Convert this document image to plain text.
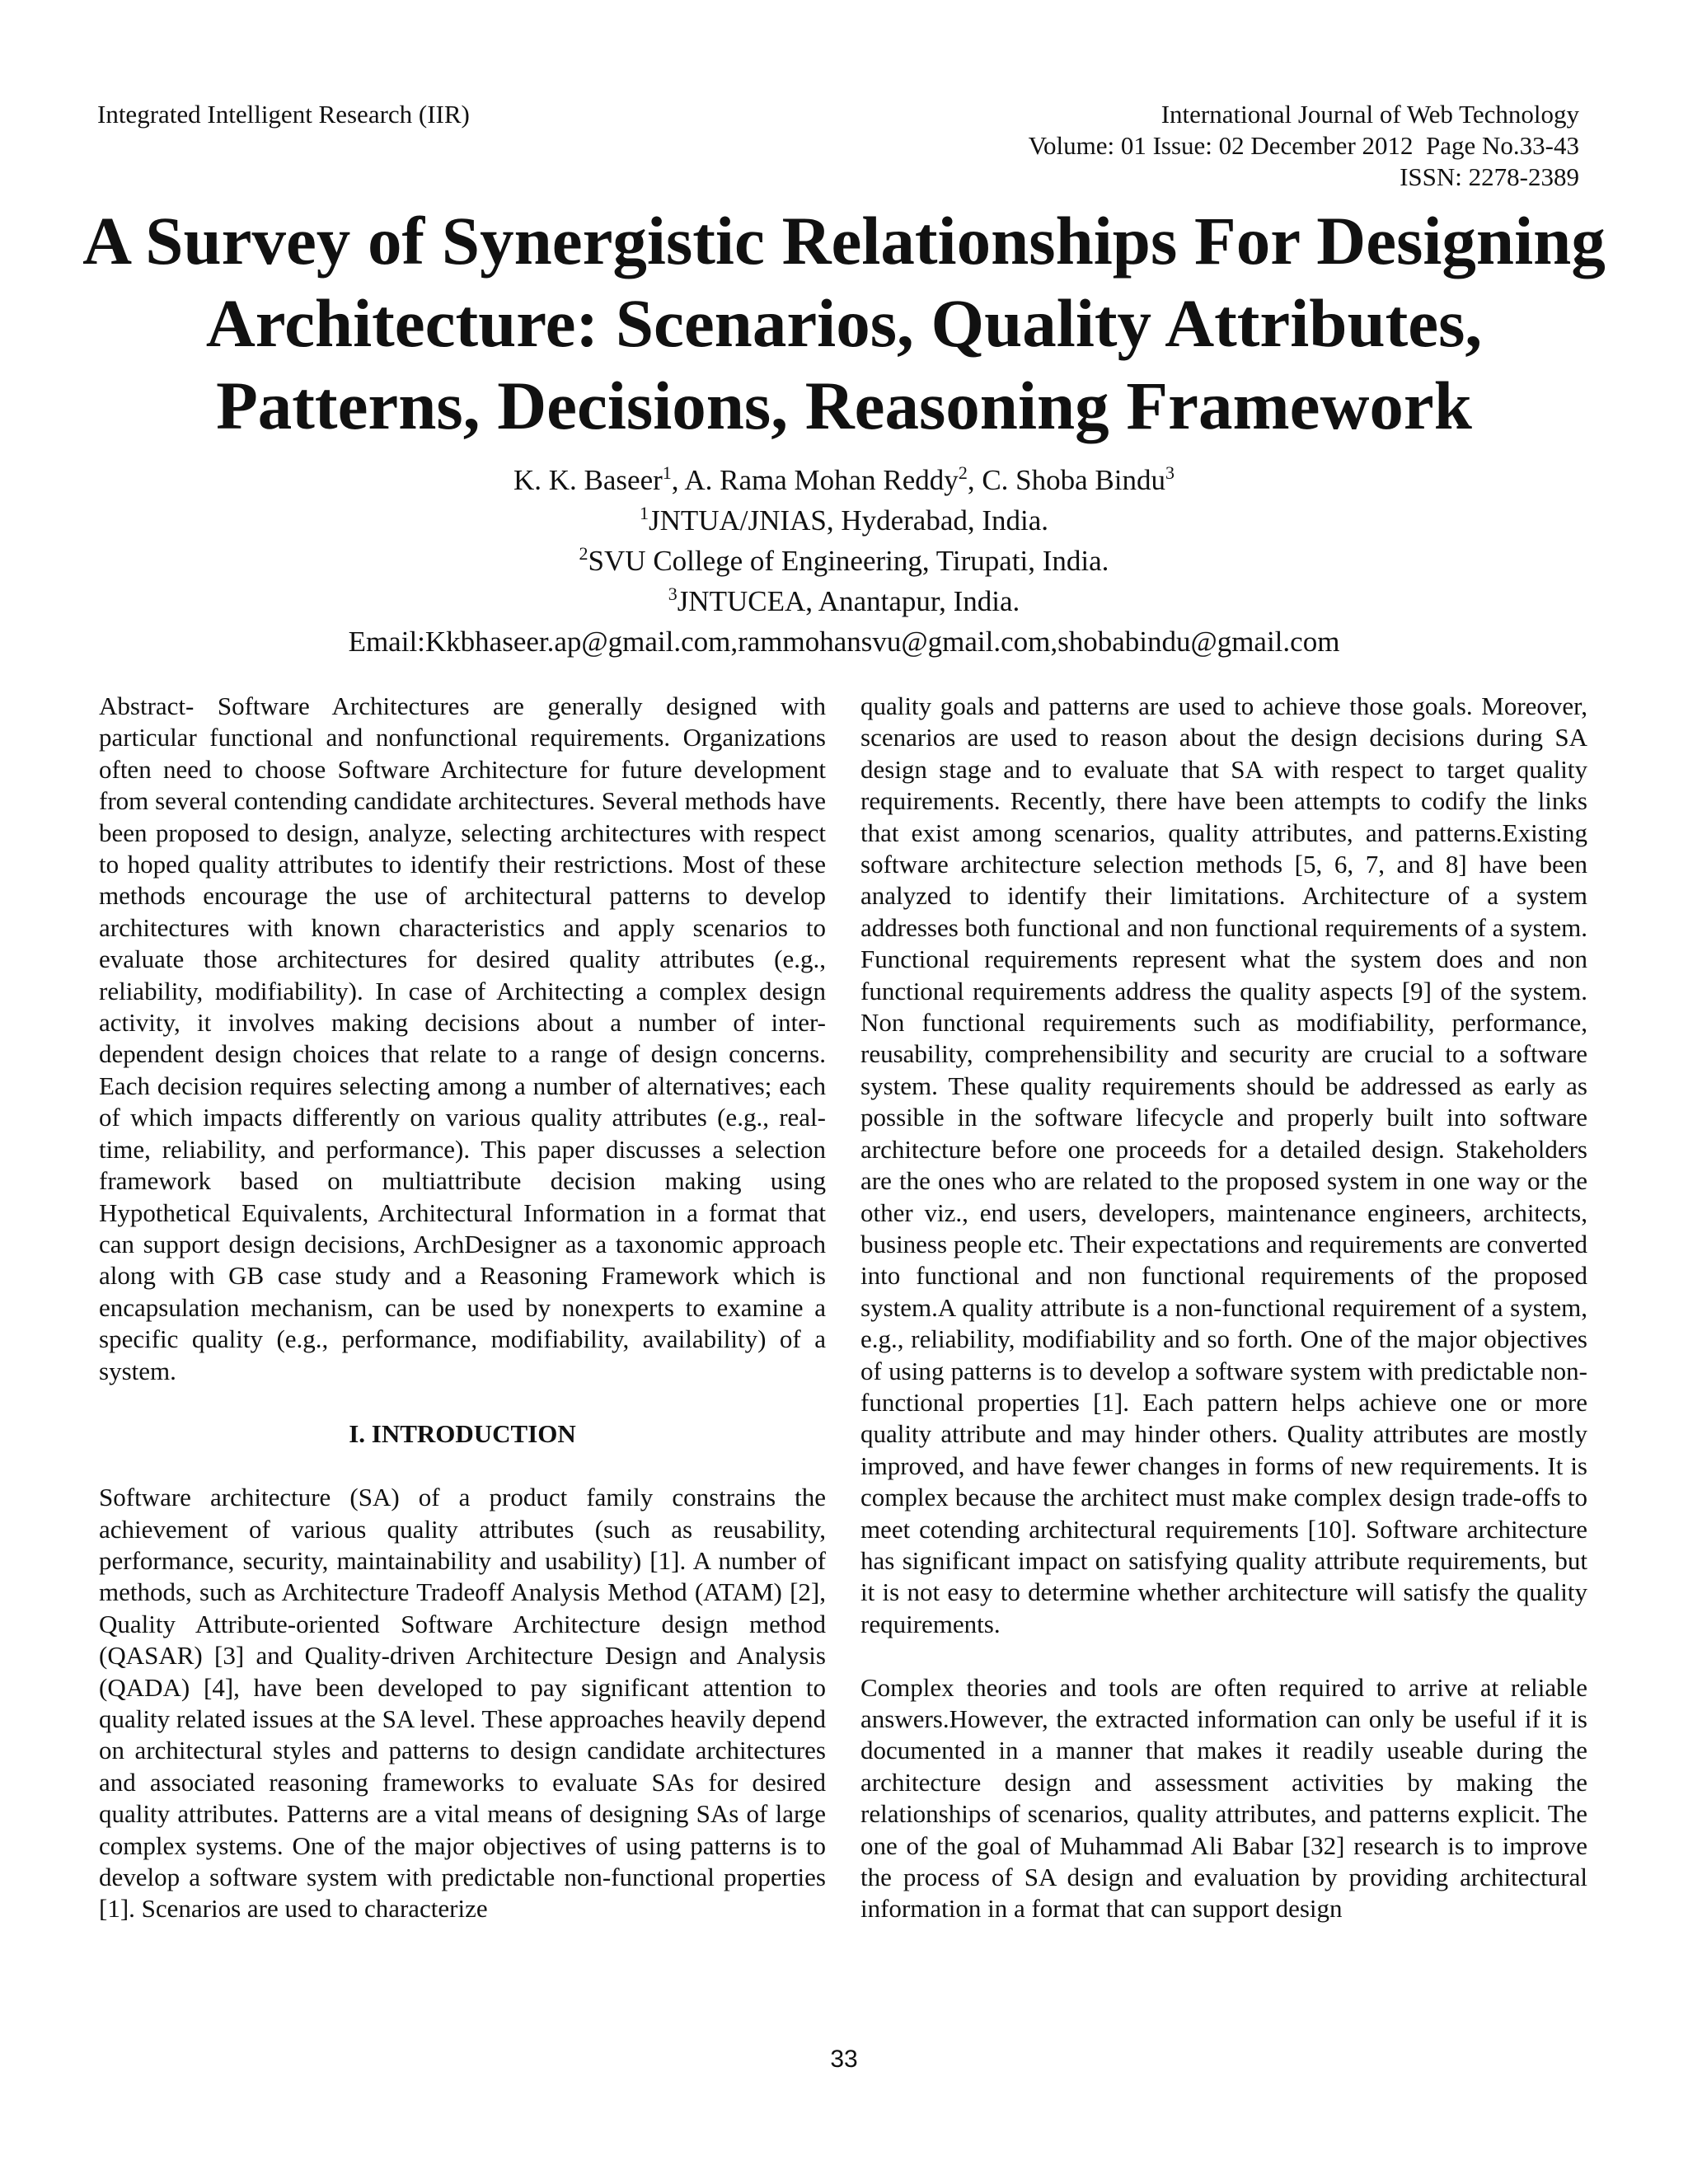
Integrated Intelligent Research (IIR)	International Journal of Web Technology
Volume: 01 Issue: 02 December 2012  Page No.33-43
ISSN: 2278-2389
A Survey of Synergistic Relationships For Designing
Architecture: Scenarios, Quality Attributes,
Patterns, Decisions, Reasoning Framework
K. K. Baseer$^1$, A. Rama Mohan Reddy$^2$, C. Shoba Bindu$^3$
$^1$JNTUA/JNIAS, Hyderabad, India.
$^2$SVU College of Engineering, Tirupati, India.
$^3$JNTUCEA, Anantapur, India.
Email:Kkbhaseer.ap@gmail.com,rammohansvu@gmail.com,shobabindu@gmail.com

Abstract- Software Architectures are generally designed with particular functional and nonfunctional requirements. Organizations often need to choose Software Architecture for future development from several contending candidate architectures. Several methods have been proposed to design, analyze, selecting architectures with respect to hoped quality attributes to identify their restrictions. Most of these methods encourage the use of architectural patterns to develop architectures with known characteristics and apply scenarios to evaluate those architectures for desired quality attributes (e.g., reliability, modifiability). In case of Architecting a complex design activity, it involves making decisions about a number of inter-dependent design choices that relate to a range of design concerns. Each decision requires selecting among a number of alternatives; each of which impacts differently on various quality attributes (e.g., real-time, reliability, and performance). This paper discusses a selection framework based on multiattribute decision making using Hypothetical Equivalents, Architectural Information in a format that can support design decisions, ArchDesigner as a taxonomic approach along with GB case study and a Reasoning Framework which is encapsulation mechanism, can be used by nonexperts to examine a specific quality (e.g., performance, modifiability, availability) of a system.

I. INTRODUCTION

Software architecture (SA) of a product family constrains the achievement of various quality attributes (such as reusability, performance, security, maintainability and usability) [1]. A number of methods, such as Architecture Tradeoff Analysis Method (ATAM) [2], Quality Attribute-oriented Software Architecture design method (QASAR) [3] and Quality-driven Architecture Design and Analysis (QADA) [4], have been developed to pay significant attention to quality related issues at the SA level. These approaches heavily depend on architectural styles and patterns to design candidate architectures and associated reasoning frameworks to evaluate SAs for desired quality attributes. Patterns are a vital means of designing SAs of large complex systems. One of the major objectives of using patterns is to develop a software system with predictable non-functional properties [1]. Scenarios are used to characterize

quality goals and patterns are used to achieve those goals. Moreover, scenarios are used to reason about the design decisions during SA design stage and to evaluate that SA with respect to target quality requirements. Recently, there have been attempts to codify the links that exist among scenarios, quality attributes, and patterns.Existing software architecture selection methods [5, 6, 7, and 8] have been analyzed to identify their limitations. Architecture of a system addresses both functional and non functional requirements of a system. Functional requirements represent what the system does and non functional requirements address the quality aspects [9] of the system. Non functional requirements such as modifiability, performance, reusability, comprehensibility and security are crucial to a software system. These quality requirements should be addressed as early as possible in the software lifecycle and properly built into software architecture before one proceeds for a detailed design. Stakeholders are the ones who are related to the proposed system in one way or the other viz., end users, developers, maintenance engineers, architects, business people etc. Their expectations and requirements are converted into functional and non functional requirements of the proposed system.A quality attribute is a non-functional requirement of a system, e.g., reliability, modifiability and so forth. One of the major objectives of using patterns is to develop a software system with predictable non-functional properties [1]. Each pattern helps achieve one or more quality attribute and may hinder others. Quality attributes are mostly improved, and have fewer changes in forms of new requirements. It is complex because the architect must make complex design trade-offs to meet cotending architectural requirements [10]. Software architecture has significant impact on satisfying quality attribute requirements, but it is not easy to determine whether architecture will satisfy the quality requirements.

Complex theories and tools are often required to arrive at reliable answers.However, the extracted information can only be useful if it is documented in a manner that makes it readily useable during the architecture design and assessment activities by making the relationships of scenarios, quality attributes, and patterns explicit. The one of the goal of Muhammad Ali Babar [32] research is to improve the process of SA design and evaluation by providing architectural information in a format that can support design

33
